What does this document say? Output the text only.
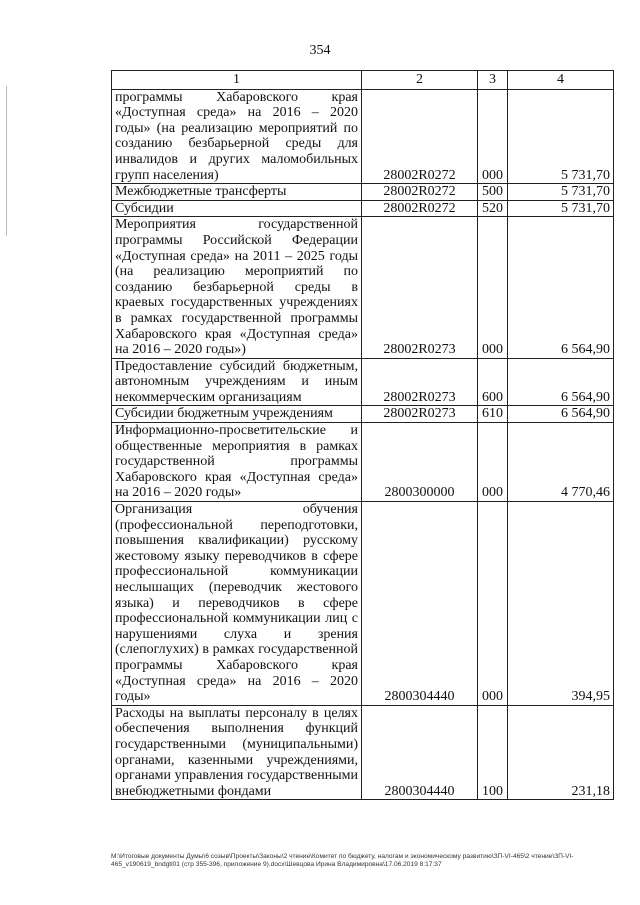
354
1	2	3	4
программы Хабаровского края «Доступная среда» на 2016 – 2020 годы» (на реализацию мероприятий по созданию безбарьерной среды для инвалидов и других маломобильных групп населения)	28002R0272	000	5 731,70
Межбюджетные трансферты	28002R0272	500	5 731,70
Субсидии	28002R0272	520	5 731,70
Мероприятия государственной программы Российской Федерации «Доступная среда» на 2011 – 2025 годы (на реализацию мероприятий по созданию безбарьерной среды в краевых государственных учреждениях в рамках государственной программы Хабаровского края «Доступная среда» на 2016 – 2020 годы»)	28002R0273	000	6 564,90
Предоставление субсидий бюджетным, автономным учреждениям и иным некоммерческим организациям	28002R0273	600	6 564,90
Субсидии бюджетным учреждениям	28002R0273	610	6 564,90
Информационно-просветительские и общественные мероприятия в рамках государственной программы Хабаровского края «Доступная среда» на 2016 – 2020 годы»	2800300000	000	4 770,46
Организация обучения (профессиональной переподготовки, повышения квалификации) русскому жестовому языку переводчиков в сфере профессиональной коммуникации неслышащих (переводчик жестового языка) и переводчиков в сфере профессиональной коммуникации лиц с нарушениями слуха и зрения (слепоглухих) в рамках государственной программы Хабаровского края «Доступная среда» на 2016 – 2020 годы»	2800304440	000	394,95
Расходы на выплаты персоналу в целях обеспечения выполнения функций государственными (муниципальными) органами, казенными учреждениями, органами управления государственными внебюджетными фондами	2800304440	100	231,18
M:\Итоговые документы Думы\6 созыв\Проекты\Законы\2 чтение\Комитет по бюджету, налогам и экономическому развитию\ЗП-VI-465\2 чтение\ЗП-VI-465_v190619_bndgtl01 (стр 355-396, приложение 9).docx\Шевцова Ирина Владимировна\17.06.2019 8:17:37
